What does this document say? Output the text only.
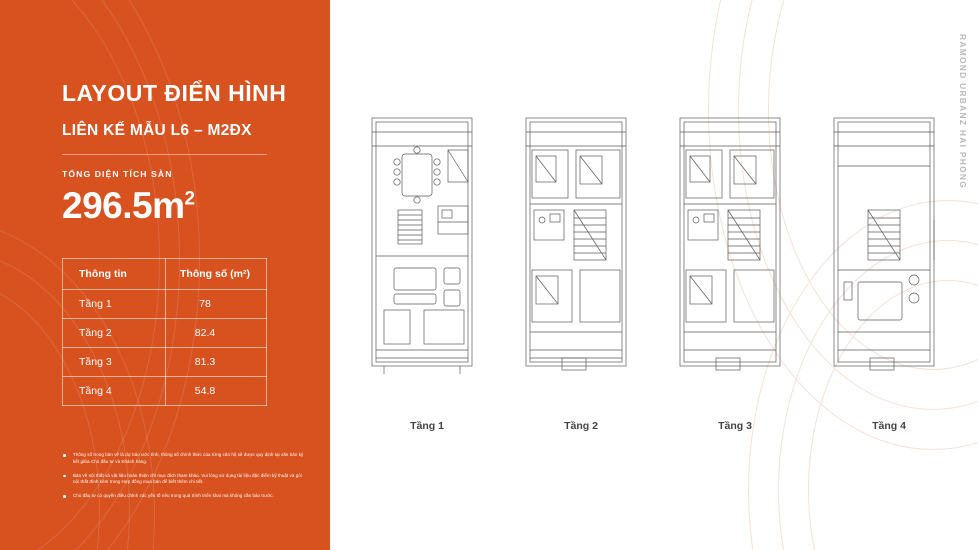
LAYOUT ĐIỂN HÌNH
LIÊN KẾ MẪU L6 – M2ĐX
TỔNG DIỆN TÍCH SÀN
$296.5m^2$
Thông tin	Thông số (m²)
Tầng 1	78
Tầng 2	82.4
Tầng 3	81.3
Tầng 4	54.8
Thông số trong bản vẽ là dự báo ước tính, thông số chính thức của từng căn hộ sẽ được quy định tại văn bản ký kết giữa Chủ đầu tư và Khách hàng.
Bản vẽ nội thất và vật liệu hoàn thiện chỉ mục đích tham khảo. Vui lòng sử dụng tài liệu đặc điểm kỹ thuật và gói nội thất đính kèm trong Hợp đồng mua bán để biết thêm chi tiết.
Chủ đầu tư có quyền điều chỉnh các yếu tố nêu trong quá trình triển khai mà không cần báo trước.
RAMOND URBANZ HAI PHONG
Tầng 1	Tầng 2	Tầng 3	Tầng 4
